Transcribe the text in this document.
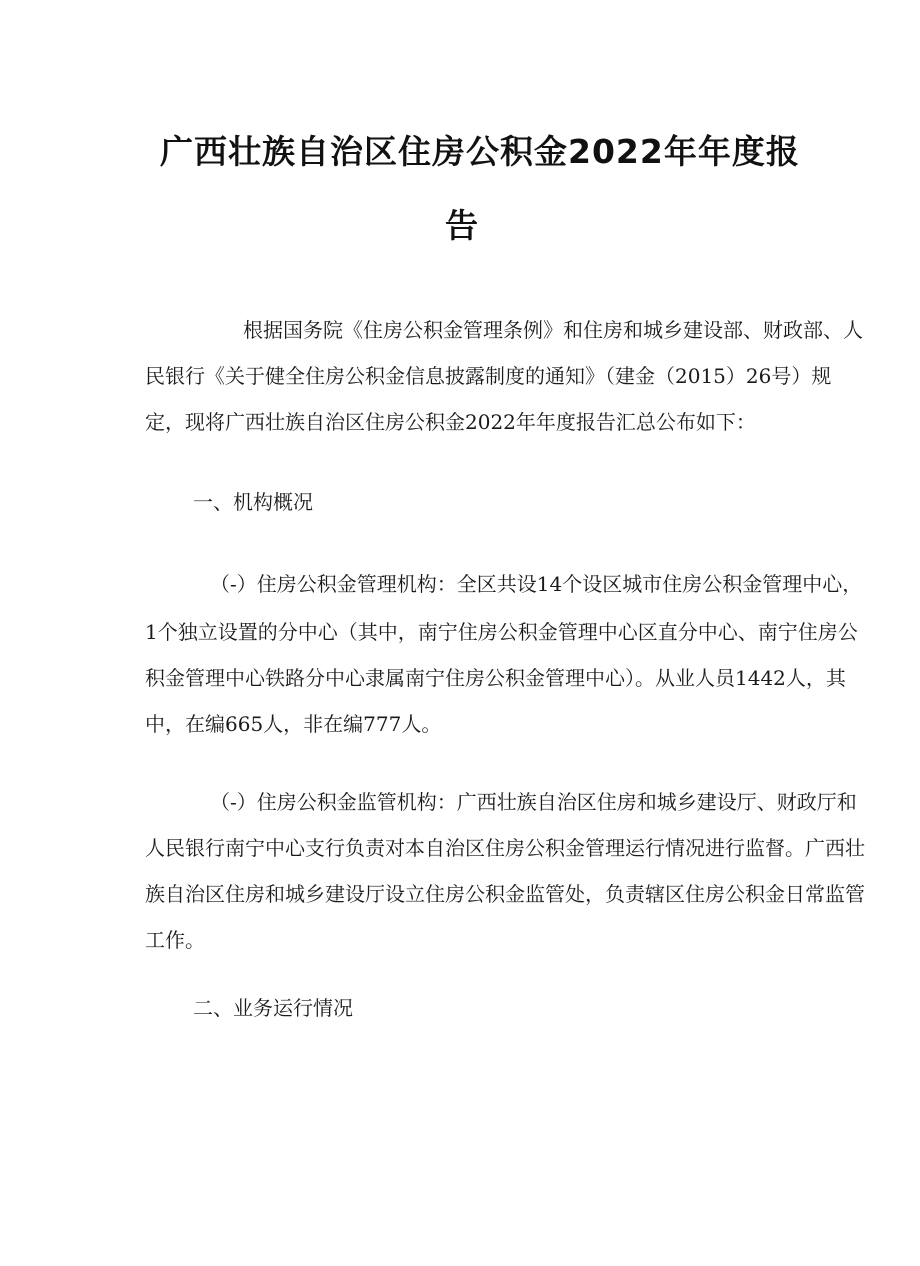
广西壮族自治区住房公积金2022年年度报
告
根据国务院《住房公积金管理条例》和住房和城乡建设部、财政部、人
民银行《关于健全住房公积金信息披露制度的通知》（建金（2015）26号）规
定，现将广西壮族自治区住房公积金2022年年度报告汇总公布如下：
一、机构概况
（-）住房公积金管理机构：全区共设14个设区城市住房公积金管理中心，
1个独立设置的分中心（其中，南宁住房公积金管理中心区直分中心、南宁住房公
积金管理中心铁路分中心隶属南宁住房公积金管理中心）。从业人员1442人，其
中，在编665人，非在编777人。
（-）住房公积金监管机构：广西壮族自治区住房和城乡建设厅、财政厅和
人民银行南宁中心支行负责对本自治区住房公积金管理运行情况进行监督。广西壮
族自治区住房和城乡建设厅设立住房公积金监管处，负责辖区住房公积金日常监管
工作。
二、业务运行情况
